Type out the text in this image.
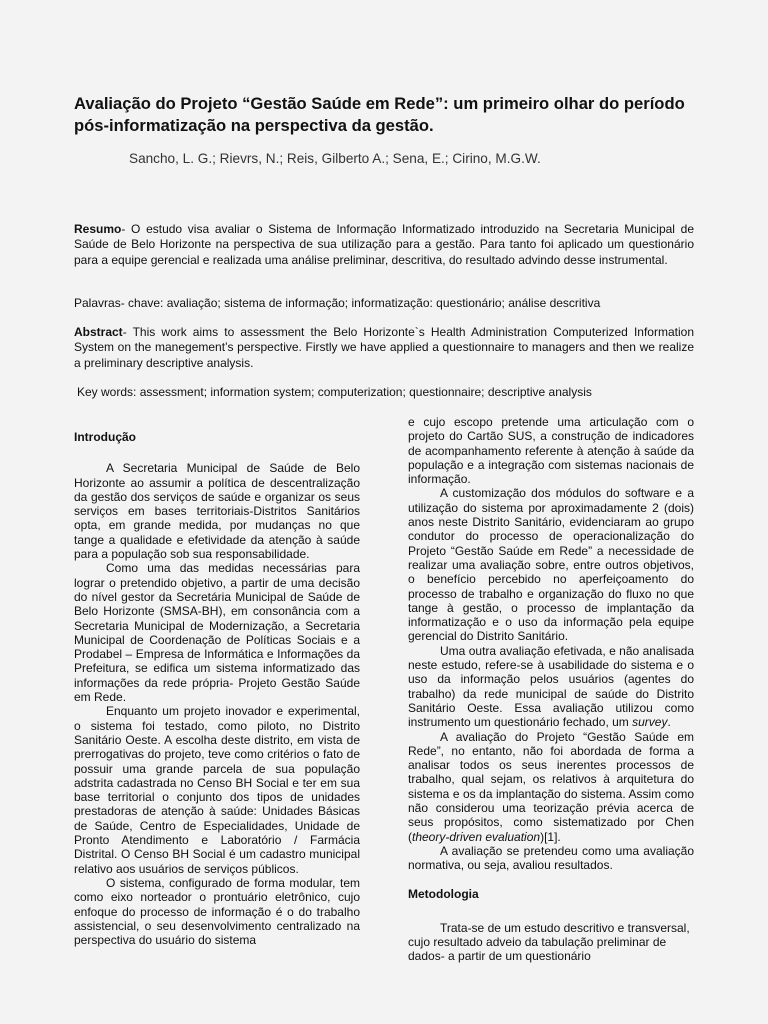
Avaliação do Projeto “Gestão Saúde em Rede”: um primeiro olhar do período pós-informatização na perspectiva da gestão.
Sancho, L. G.; Rievrs, N.; Reis, Gilberto A.; Sena, E.; Cirino, M.G.W.
Resumo- O estudo visa avaliar o Sistema de Informação Informatizado introduzido na Secretaria Municipal de Saúde de Belo Horizonte na perspectiva de sua utilização para a gestão. Para tanto foi aplicado um questionário para a equipe gerencial e realizada uma análise preliminar, descritiva, do resultado advindo desse instrumental.
Palavras- chave: avaliação; sistema de informação; informatização: questionário; análise descritiva
Abstract- This work aims to assessment the Belo Horizonte`s Health Administration Computerized Information System on the manegement’s perspective. Firstly we have applied a questionnaire to managers and then we realize a preliminary descriptive analysis.
Key words: assessment; information system; computerization; questionnaire; descriptive analysis

Introdução

A Secretaria Municipal de Saúde de Belo Horizonte ao assumir a política de descentralização da gestão dos serviços de saúde e organizar os seus serviços em bases territoriais-Distritos Sanitários opta, em grande medida, por mudanças no que tange a qualidade e efetividade da atenção à saúde para a população sob sua responsabilidade.

Como uma das medidas necessárias para lograr o pretendido objetivo, a partir de uma decisão do nível gestor da Secretária Municipal de Saúde de Belo Horizonte (SMSA-BH), em consonância com a Secretaria Municipal de Modernização, a Secretaria Municipal de Coordenação de Políticas Sociais e a Prodabel – Empresa de Informática e Informações da Prefeitura, se edifica um sistema informatizado das informações da rede própria- Projeto Gestão Saúde em Rede.

Enquanto um projeto inovador e experimental, o sistema foi testado, como piloto, no Distrito Sanitário Oeste. A escolha deste distrito, em vista de prerrogativas do projeto, teve como critérios o fato de possuir uma grande parcela de sua população adstrita cadastrada no Censo BH Social e ter em sua base territorial o conjunto dos tipos de unidades prestadoras de atenção à saúde: Unidades Básicas de Saúde, Centro de Especialidades, Unidade de Pronto Atendimento e Laboratório / Farmácia Distrital. O Censo BH Social é um cadastro municipal relativo aos usuários de serviços públicos.

O sistema, configurado de forma modular, tem como eixo norteador o prontuário eletrônico, cujo enfoque do processo de informação é o do trabalho assistencial, o seu desenvolvimento centralizado na perspectiva do usuário do sistema

e cujo escopo pretende uma articulação com o projeto do Cartão SUS, a construção de indicadores de acompanhamento referente à atenção à saúde da população e a integração com sistemas nacionais de informação.

A customização dos módulos do software e a utilização do sistema por aproximadamente 2 (dois) anos neste Distrito Sanitário, evidenciaram ao grupo condutor do processo de operacionalização do Projeto “Gestão Saúde em Rede” a necessidade de realizar uma avaliação sobre, entre outros objetivos, o benefício percebido no aperfeiçoamento do processo de trabalho e organização do fluxo no que tange à gestão, o processo de implantação da informatização e o uso da informação pela equipe gerencial do Distrito Sanitário.

Uma outra avaliação efetivada, e não analisada neste estudo, refere-se à usabilidade do sistema e o uso da informação pelos usuários (agentes do trabalho) da rede municipal de saúde do Distrito Sanitário Oeste. Essa avaliação utilizou como instrumento um questionário fechado, um survey.

A avaliação do Projeto “Gestão Saúde em Rede”, no entanto, não foi abordada de forma a analisar todos os seus inerentes processos de trabalho, qual sejam, os relativos à arquitetura do sistema e os da implantação do sistema. Assim como não considerou uma teorização prévia acerca de seus propósitos, como sistematizado por Chen (theory-driven evaluation)[1].

A avaliação se pretendeu como uma avaliação normativa, ou seja, avaliou resultados.

Metodologia

Trata-se de um estudo descritivo e transversal, cujo resultado adveio da tabulação preliminar de dados- a partir de um questionário
